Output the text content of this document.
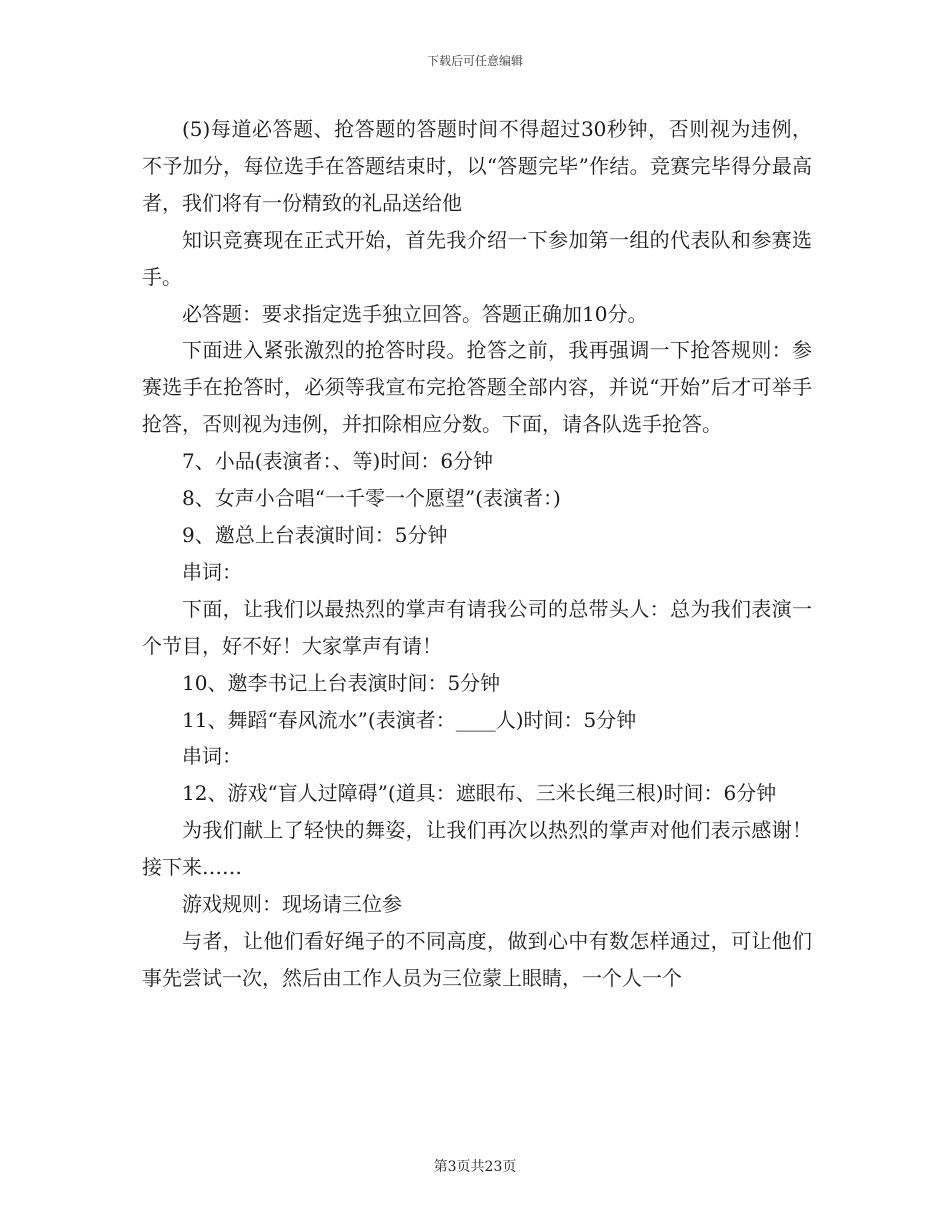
下载后可任意编辑

(5)每道必答题、抢答题的答题时间不得超过30秒钟，否则视为违例，不予加分，每位选手在答题结束时，以“答题完毕”作结。竞赛完毕得分最高者，我们将有一份精致的礼品送给他

知识竞赛现在正式开始，首先我介绍一下参加第一组的代表队和参赛选手。

必答题：要求指定选手独立回答。答题正确加10分。

下面进入紧张激烈的抢答时段。抢答之前，我再强调一下抢答规则：参赛选手在抢答时，必须等我宣布完抢答题全部内容，并说“开始”后才可举手抢答，否则视为违例，并扣除相应分数。下面，请各队选手抢答。

7、小品(表演者：、等)时间：6分钟

8、女声小合唱“一千零一个愿望”(表演者：)

9、邀总上台表演时间：5分钟

串词：

下面，让我们以最热烈的掌声有请我公司的总带头人：总为我们表演一个节目，好不好！大家掌声有请！

10、邀李书记上台表演时间：5分钟

11、舞蹈“春风流水”(表演者：____人)时间：5分钟

串词：

12、游戏“盲人过障碍”(道具：遮眼布、三米长绳三根)时间：6分钟

为我们献上了轻快的舞姿，让我们再次以热烈的掌声对他们表示感谢！接下来……

游戏规则：现场请三位参

与者，让他们看好绳子的不同高度，做到心中有数怎样通过，可让他们事先尝试一次，然后由工作人员为三位蒙上眼睛，一个人一个

第3页共23页
